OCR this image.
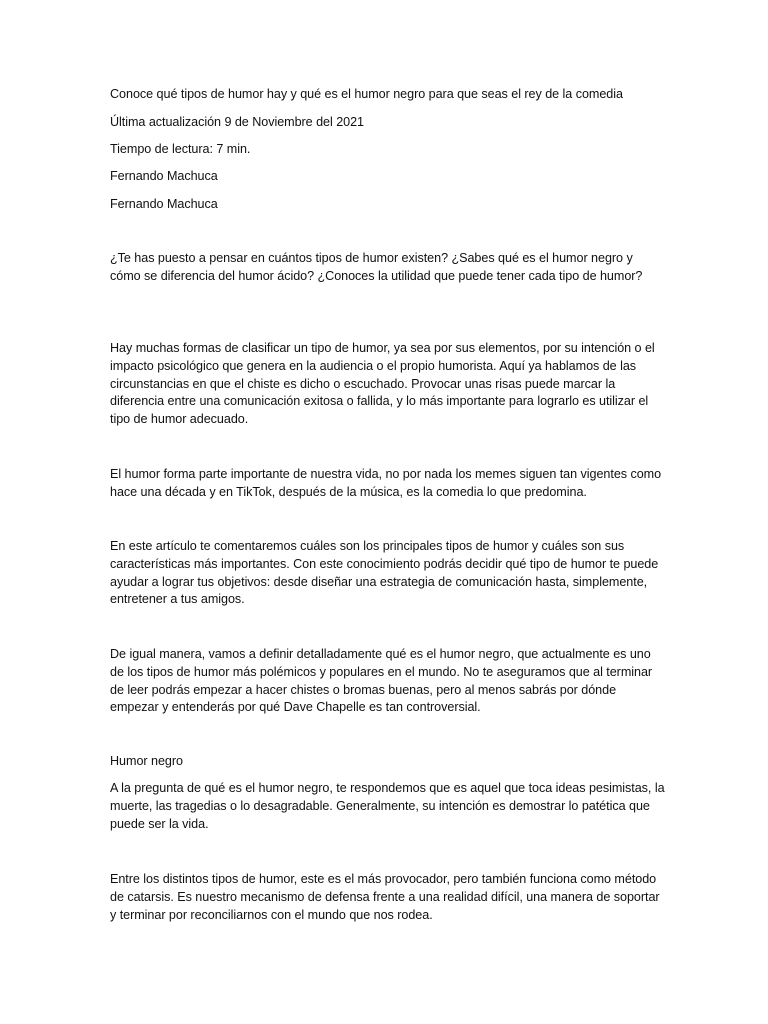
Conoce qué tipos de humor hay y qué es el humor negro para que seas el rey de la comedia

Última actualización 9 de Noviembre del 2021

Tiempo de lectura: 7 min.

Fernando Machuca

Fernando Machuca

¿Te has puesto a pensar en cuántos tipos de humor existen? ¿Sabes qué es el humor negro y cómo se diferencia del humor ácido? ¿Conoces la utilidad que puede tener cada tipo de humor?

Hay muchas formas de clasificar un tipo de humor, ya sea por sus elementos, por su intención o el impacto psicológico que genera en la audiencia o el propio humorista. Aquí ya hablamos de las circunstancias en que el chiste es dicho o escuchado. Provocar unas risas puede marcar la diferencia entre una comunicación exitosa o fallida, y lo más importante para lograrlo es utilizar el tipo de humor adecuado.

El humor forma parte importante de nuestra vida, no por nada los memes siguen tan vigentes como hace una década y en TikTok, después de la música, es la comedia lo que predomina.

En este artículo te comentaremos cuáles son los principales tipos de humor y cuáles son sus características más importantes. Con este conocimiento podrás decidir qué tipo de humor te puede ayudar a lograr tus objetivos: desde diseñar una estrategia de comunicación hasta, simplemente, entretener a tus amigos.

De igual manera, vamos a definir detalladamente qué es el humor negro, que actualmente es uno de los tipos de humor más polémicos y populares en el mundo. No te aseguramos que al terminar de leer podrás empezar a hacer chistes o bromas buenas, pero al menos sabrás por dónde empezar y entenderás por qué Dave Chapelle es tan controversial.

Humor negro

A la pregunta de qué es el humor negro, te respondemos que es aquel que toca ideas pesimistas, la muerte, las tragedias o lo desagradable. Generalmente, su intención es demostrar lo patética que puede ser la vida.

Entre los distintos tipos de humor, este es el más provocador, pero también funciona como método de catarsis. Es nuestro mecanismo de defensa frente a una realidad difícil, una manera de soportar y terminar por reconciliarnos con el mundo que nos rodea.
